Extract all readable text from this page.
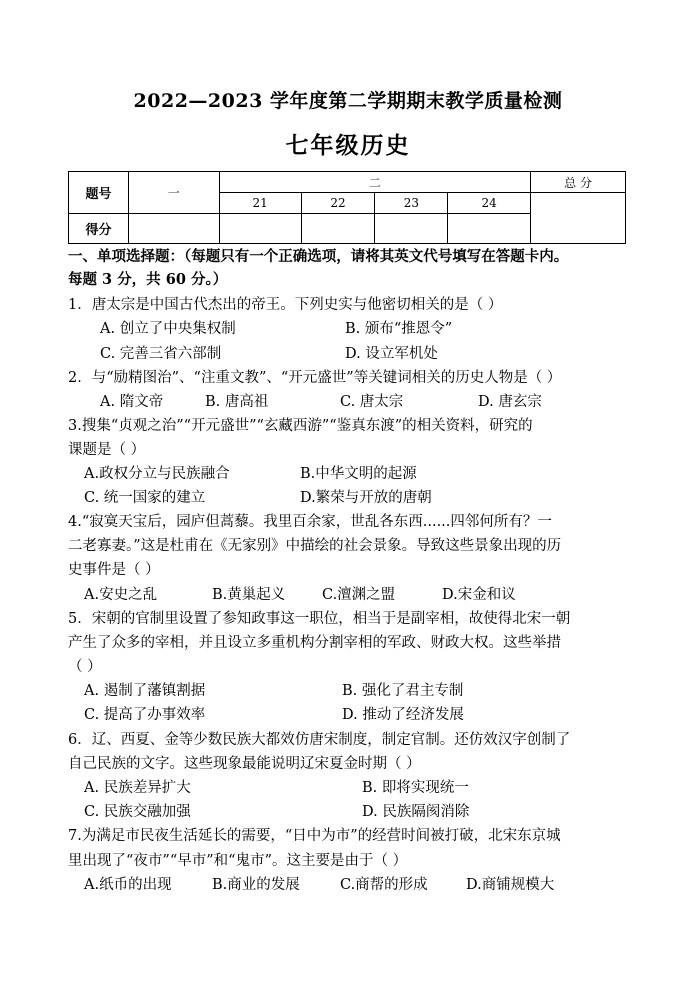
2022—2023 学年度第二学期期末教学质量检测
七年级历史
题号	一	二				总 分
		21	22	23	24	
得分						
一、单项选择题：（每题只有一个正确选项，请将其英文代号填写在答题卡内。
每题 3 分，共 60 分。）
1．唐太宗是中国古代杰出的帝王。下列史实与他密切相关的是（ ）
A. 创立了中央集权制	B. 颁布“推恩令”
C. 完善三省六部制	D. 设立军机处
2．与“励精图治”、“注重文教”、“开元盛世”等关键词相关的历史人物是（ ）
A. 隋文帝	B. 唐高祖	C. 唐太宗	D. 唐玄宗
3.搜集“贞观之治”“开元盛世”“玄藏西游”“鉴真东渡”的相关资料，研究的
课题是（ ）
A.政权分立与民族融合	B.中华文明的起源
C. 统一国家的建立	D.繁荣与开放的唐朝
4.“寂寞天宝后，园庐但蒿藜。我里百余家，世乱各东西......四邻何所有？一
二老寡妻。”这是杜甫在《无家别》中描绘的社会景象。导致这些景象出现的历
史事件是（ ）
A.安史之乱	B.黄巢起义	C.澶渊之盟	D.宋金和议
5．宋朝的官制里设置了参知政事这一职位，相当于是副宰相，故使得北宋一朝
产生了众多的宰相，并且设立多重机构分割宰相的军政、财政大权。这些举措
（ ）
A. 遏制了藩镇割据	B. 强化了君主专制
C. 提高了办事效率	D. 推动了经济发展
6．辽、西夏、金等少数民族大都效仿唐宋制度，制定官制。还仿效汉字创制了
自己民族的文字。这些现象最能说明辽宋夏金时期（ ）
A. 民族差异扩大	B. 即将实现统一
C. 民族交融加强	D. 民族隔阂消除
7.为满足市民夜生活延长的需要，“日中为市”的经营时间被打破，北宋东京城
里出现了“夜市”“早市”和“鬼市”。这主要是由于（ ）
A.纸币的出现	B.商业的发展	C.商帮的形成	D.商铺规模大
